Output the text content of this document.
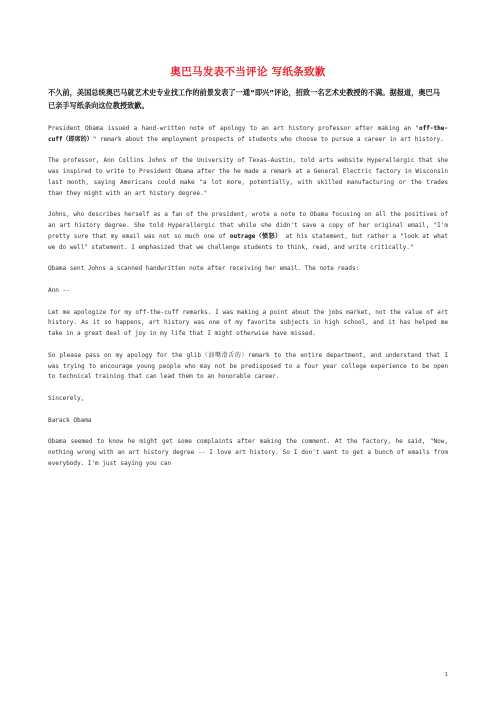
奥巴马发表不当评论 写纸条致歉
不久前，美国总统奥巴马就艺术史专业找工作的前景发表了一通“即兴”评论，招致一名艺术史教授的不满。据报道，奥巴马已亲手写纸条向这位教授致歉。

President Obama issued a hand-written note of apology to an art history professor after making an "off-the-cuff（即席的）" remark about the employment prospects of students who choose to pursue a career in art history.

The professor, Ann Collins Johns of the University of Texas-Austin, told arts website Hyperallergic that she was inspired to write to President Obama after the he made a remark at a General Electric factory in Wisconsin last month, saying Americans could make "a lot more, potentially, with skilled manufacturing or the trades than they might with an art history degree."

Johns, who describes herself as a fan of the president, wrote a note to Obama focusing on all the positives of an art history degree. She told Hyperallergic that while she didn't save a copy of her original email, "I'm pretty sure that my email was not so much one of outrage（愤怒） at his statement, but rather a "look at what we do well" statement. I emphasized that we challenge students to think, read, and write critically."

Obama sent Johns a scanned handwritten note after receiving her email. The note reads:

Ann --

Let me apologize for my off-the-cuff remarks. I was making a point about the jobs market, not the value of art history. As it so happens, art history was one of my favorite subjects in high school, and it has helped me take in a great deal of joy in my life that I might otherwise have missed.

So please pass on my apology for the glib（油嘴滑舌的）remark to the entire department, and understand that I was trying to encourage young people who may not be predisposed to a four year college experience to be open to technical training that can lead them to an honorable career.

Sincerely,

Barack Obama

Obama seemed to know he might get some complaints after making the comment. At the factory, he said, "Now, nothing wrong with an art history degree -- I love art history. So I don't want to get a bunch of emails from everybody. I'm just saying you can

1
